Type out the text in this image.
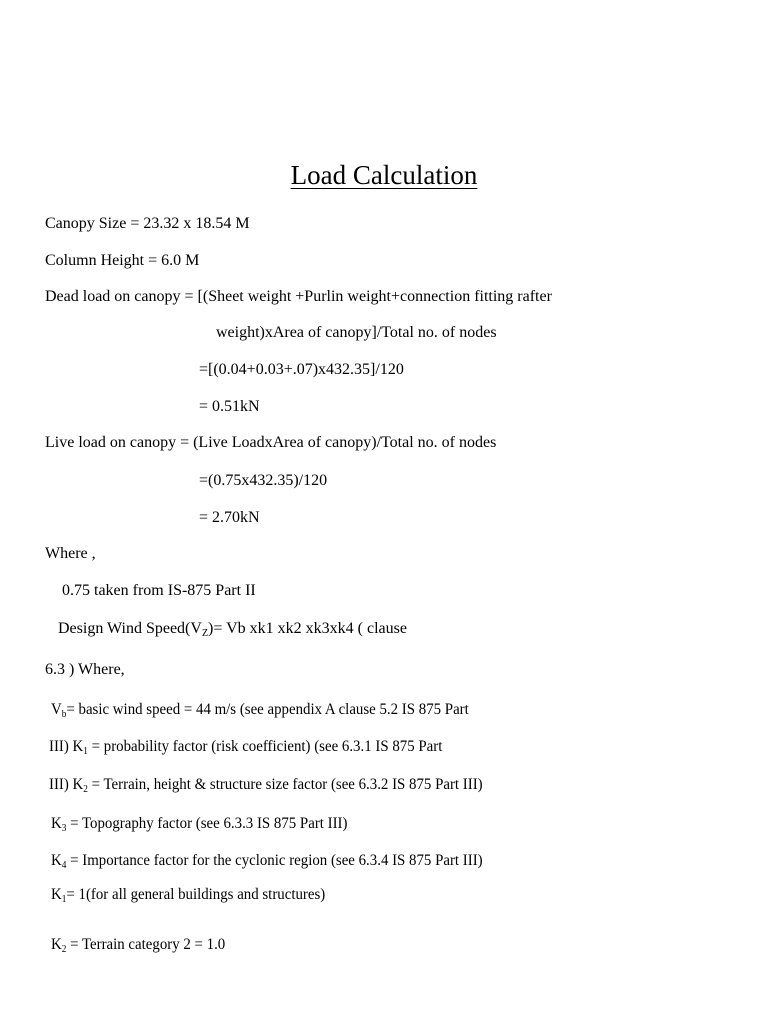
Load Calculation
Canopy Size = 23.32 x 18.54 M
Column Height = 6.0 M
Dead load on canopy = [(Sheet weight +Purlin weight+connection fitting rafter
weight)xArea of canopy]/Total no. of nodes
=[(0.04+0.03+.07)x432.35]/120
= 0.51kN
Live load on canopy = (Live LoadxArea of canopy)/Total no. of nodes
=(0.75x432.35)/120
= 2.70kN
Where ,
0.75 taken from IS-875 Part II
Design Wind $Speed(V_Z)= Vb$ xk1 xk2 xk3xk4 ( clause
6.3 ) Where,
$V_b=$ basic wind speed = 44 m/s (see appendix A clause 5.2 IS 875 Part
III) $K_1$ = probability factor (risk coefficient) (see 6.3.1 IS 875 Part
III) $K_2$ = Terrain, height & structure size factor (see 6.3.2 IS 875 Part III)
$K_3$ = Topography factor (see 6.3.3 IS 875 Part III)
$K_4$ = Importance factor for the cyclonic region (see 6.3.4 IS 875 Part III)
$K_1= 1(for$ all general buildings and structures)
$K_2$ = Terrain category 2 = 1.0
